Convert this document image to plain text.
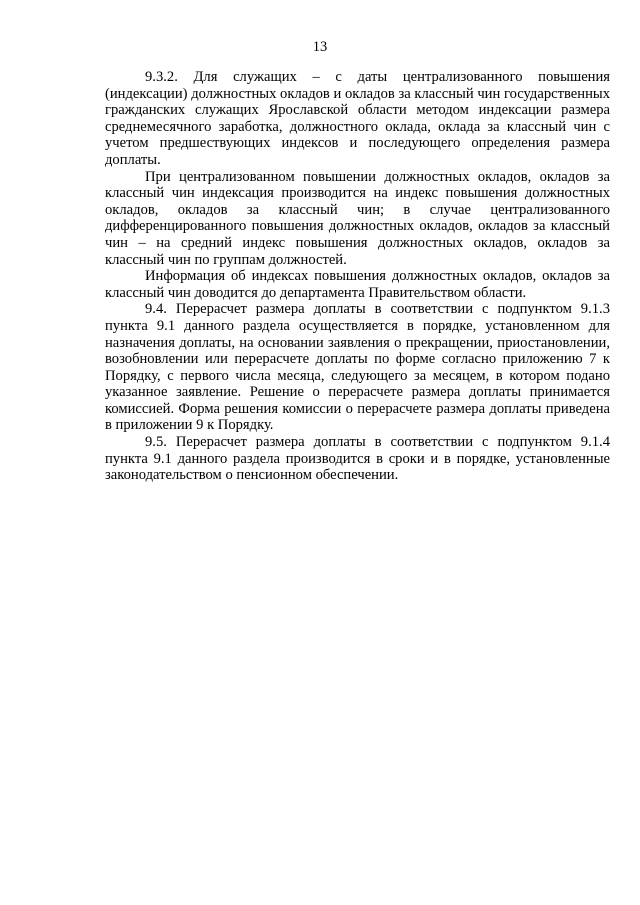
13

9.3.2. Для служащих – с даты централизованного повышения (индексации) должностных окладов и окладов за классный чин государственных гражданских служащих Ярославской области методом индексации размера среднемесячного заработка, должностного оклада, оклада за классный чин с учетом предшествующих индексов и последующего определения размера доплаты.

При централизованном повышении должностных окладов, окладов за классный чин индексация производится на индекс повышения должностных окладов, окладов за классный чин; в случае централизованного дифференцированного повышения должностных окладов, окладов за классный чин – на средний индекс повышения должностных окладов, окладов за классный чин по группам должностей.

Информация об индексах повышения должностных окладов, окладов за классный чин доводится до департамента Правительством области.

9.4. Перерасчет размера доплаты в соответствии с подпунктом 9.1.3 пункта 9.1 данного раздела осуществляется в порядке, установленном для назначения доплаты, на основании заявления о прекращении, приостановлении, возобновлении или перерасчете доплаты по форме согласно приложению 7 к Порядку, с первого числа месяца, следующего за месяцем, в котором подано указанное заявление. Решение о перерасчете размера доплаты принимается комиссией. Форма решения комиссии о перерасчете размера доплаты приведена в приложении 9 к Порядку.

9.5. Перерасчет размера доплаты в соответствии с подпунктом 9.1.4 пункта 9.1 данного раздела производится в сроки и в порядке, установленные законодательством о пенсионном обеспечении.
